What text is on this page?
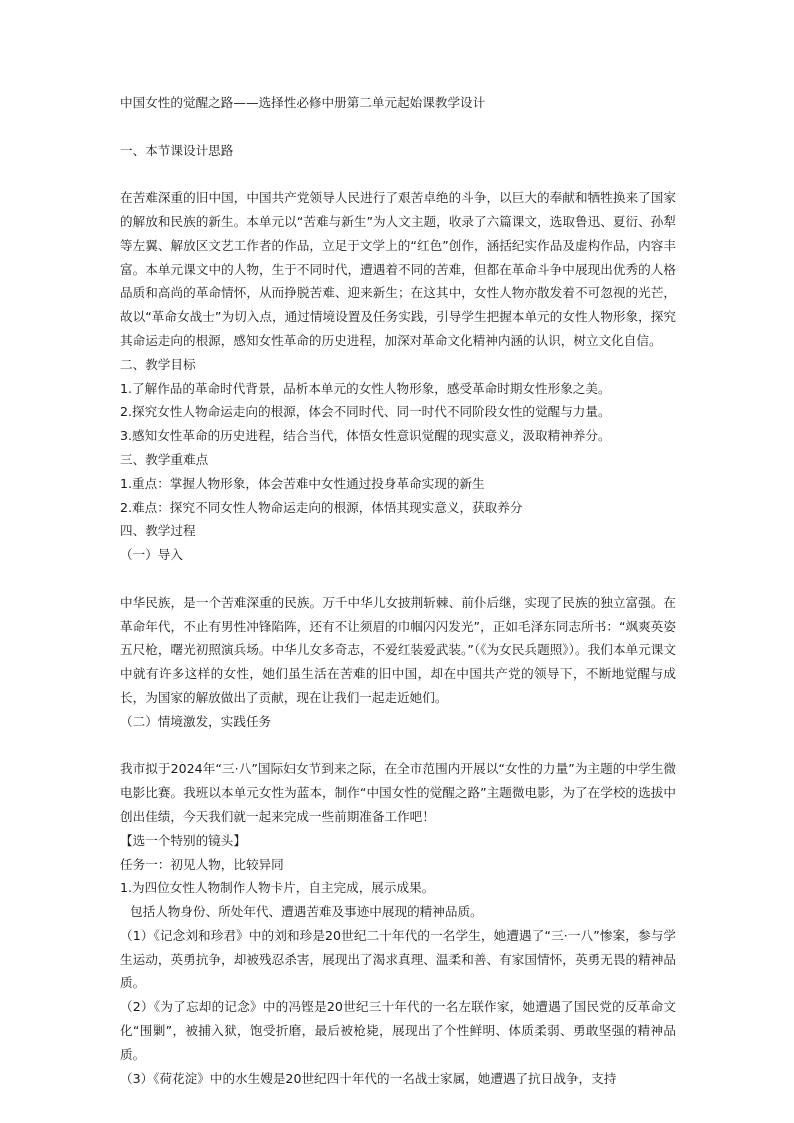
中国女性的觉醒之路——选择性必修中册第二单元起始课教学设计

一、本节课设计思路

在苦难深重的旧中国，中国共产党领导人民进行了艰苦卓绝的斗争，以巨大的奉献和牺牲换来了国家的解放和民族的新生。本单元以“苦难与新生”为人文主题，收录了六篇课文，选取鲁迅、夏衍、孙犁等左翼、解放区文艺工作者的作品，立足于文学上的“红色”创作，涵括纪实作品及虚构作品，内容丰富。本单元课文中的人物，生于不同时代，遭遇着不同的苦难，但都在革命斗争中展现出优秀的人格品质和高尚的革命情怀，从而挣脱苦难、迎来新生；在这其中，女性人物亦散发着不可忽视的光芒，故以“革命女战士”为切入点，通过情境设置及任务实践，引导学生把握本单元的女性人物形象，探究其命运走向的根源，感知女性革命的历史进程，加深对革命文化精神内涵的认识，树立文化自信。

二、教学目标

1.了解作品的革命时代背景，品析本单元的女性人物形象，感受革命时期女性形象之美。

2.探究女性人物命运走向的根源，体会不同时代、同一时代不同阶段女性的觉醒与力量。

3.感知女性革命的历史进程，结合当代，体悟女性意识觉醒的现实意义，汲取精神养分。

三、教学重难点

1.重点：掌握人物形象，体会苦难中女性通过投身革命实现的新生

2.难点：探究不同女性人物命运走向的根源，体悟其现实意义，获取养分

四、教学过程

（一）导入

中华民族，是一个苦难深重的民族。万千中华儿女披荆斩棘、前仆后继，实现了民族的独立富强。在革命年代，不止有男性冲锋陷阵，还有不让须眉的巾帼闪闪发光”，正如毛泽东同志所书：“飒爽英姿五尺枪，曙光初照演兵场。中华儿女多奇志，不爱红装爱武装。”（《为女民兵题照》）。我们本单元课文中就有许多这样的女性，她们虽生活在苦难的旧中国，却在中国共产党的领导下，不断地觉醒与成长，为国家的解放做出了贡献，现在让我们一起走近她们。

（二）情境激发，实践任务

我市拟于2024年“三·八”国际妇女节到来之际，在全市范围内开展以“女性的力量”为主题的中学生微电影比赛。我班以本单元女性为蓝本，制作“中国女性的觉醒之路”主题微电影，为了在学校的选拔中创出佳绩，今天我们就一起来完成一些前期准备工作吧！

【选一个特别的镜头】

任务一：初见人物，比较异同

1.为四位女性人物制作人物卡片，自主完成，展示成果。

包括人物身份、所处年代、遭遇苦难及事迹中展现的精神品质。

（1）《记念刘和珍君》中的刘和珍是20世纪二十年代的一名学生，她遭遇了“三·一八”惨案，参与学生运动，英勇抗争，却被残忍杀害，展现出了渴求真理、温柔和善、有家国情怀，英勇无畏的精神品质。

（2）《为了忘却的记念》中的冯铿是20世纪三十年代的一名左联作家，她遭遇了国民党的反革命文化“围剿”，被捕入狱，饱受折磨，最后被枪毙，展现出了个性鲜明、体质柔弱、勇敢坚强的精神品质。

（3）《荷花淀》中的水生嫂是20世纪四十年代的一名战士家属，她遭遇了抗日战争，支持
